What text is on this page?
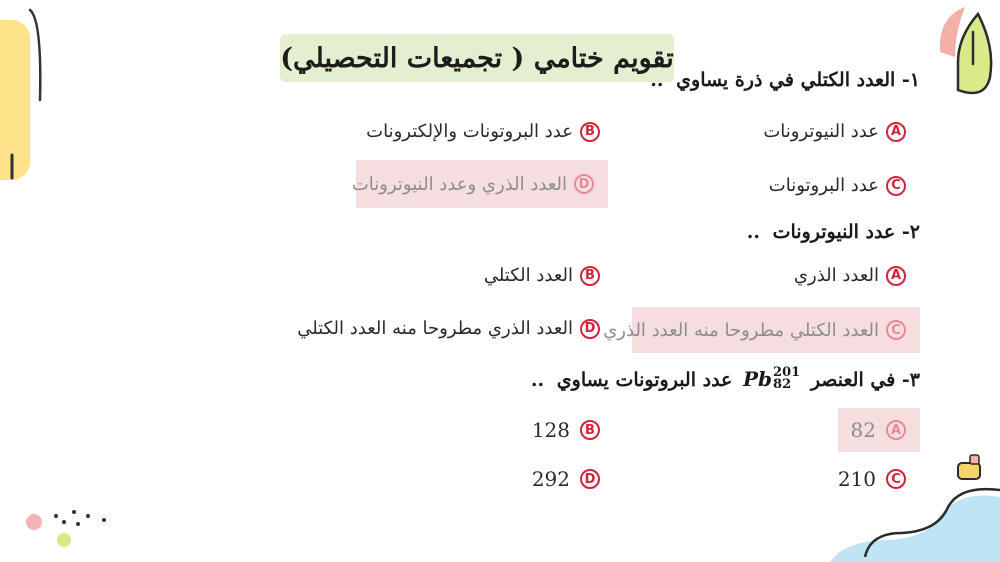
تقويم ختامي ( تجميعات التحصيلي)
١- العدد الكتلي في ذرة يساوي ..
A
عدد النيوترونات
B
عدد البروتونات والإلكترونات
C
عدد البروتونات
D
العدد الذري وعدد النيوترونات
٢- عدد النيوترونات ..
A
العدد الذري
B
العدد الكتلي
C
العدد الكتلي مطروحا منه العدد الذري
D
العدد الذري مطروحا منه العدد الكتلي
٣- في العنصر
Pb 201
82
عدد البروتونات يساوي ..
A
82
B
128
C
210
D
292
